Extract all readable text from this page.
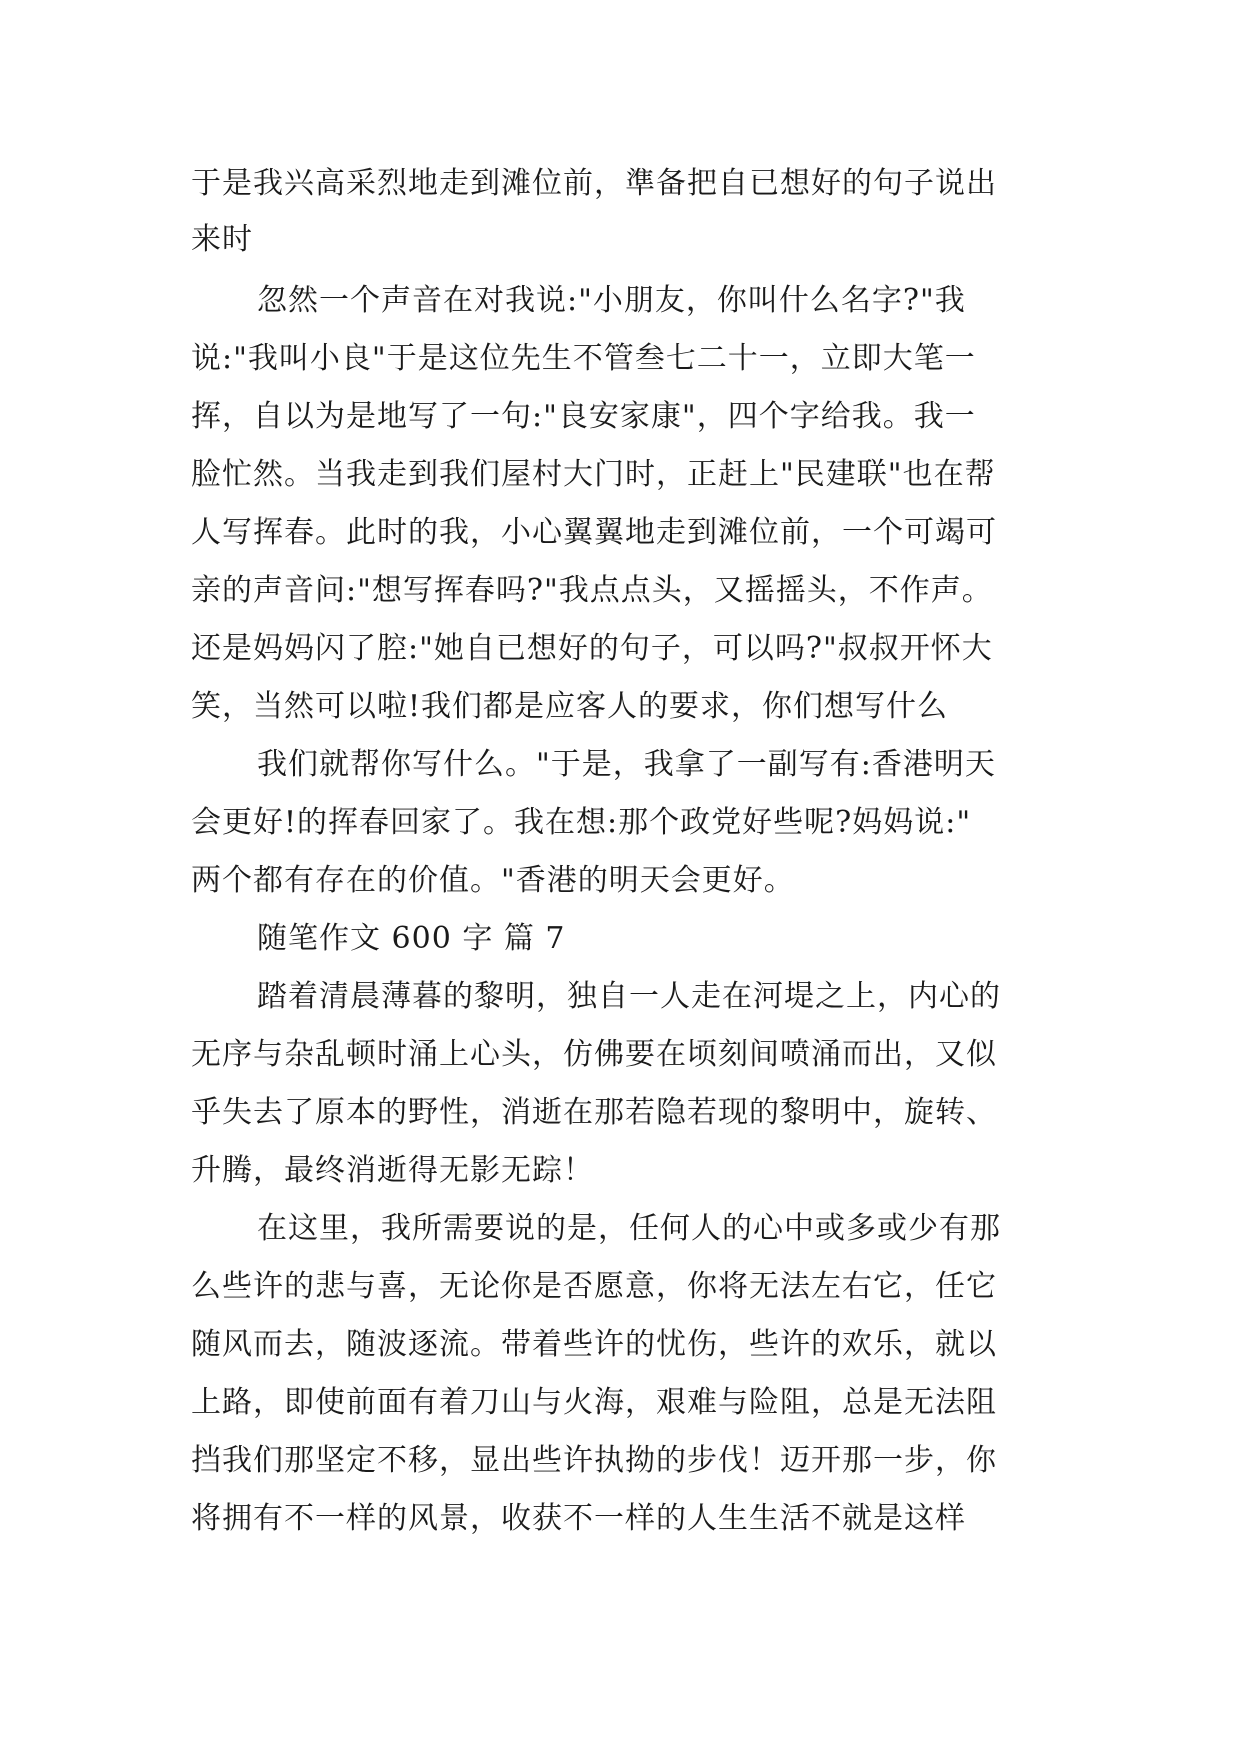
于是我兴高采烈地走到滩位前，準备把自已想好的句子说出
来时
忽然一个声音在对我说:"小朋友，你叫什么名字?"我
说:"我叫小良"于是这位先生不管叁七二十一，立即大笔一
挥，自以为是地写了一句:"良安家康"，四个字给我。我一
脸忙然。当我走到我们屋村大门时，正赶上"民建联"也在帮
人写挥春。此时的我，小心翼翼地走到滩位前，一个可竭可
亲的声音问:"想写挥春吗?"我点点头，又摇摇头，不作声。
还是妈妈闪了腔:"她自已想好的句子，可以吗?"叔叔开怀大
笑，当然可以啦!我们都是应客人的要求，你们想写什么
我们就帮你写什么。"于是，我拿了一副写有:香港明天
会更好!的挥春回家了。我在想:那个政党好些呢?妈妈说:"
两个都有存在的价值。"香港的明天会更好。
随笔作文 600 字 篇 7
踏着清晨薄暮的黎明，独自一人走在河堤之上，内心的
无序与杂乱顿时涌上心头，仿佛要在顷刻间喷涌而出，又似
乎失去了原本的野性，消逝在那若隐若现的黎明中，旋转、
升腾，最终消逝得无影无踪！
在这里，我所需要说的是，任何人的心中或多或少有那
么些许的悲与喜，无论你是否愿意，你将无法左右它，任它
随风而去，随波逐流。带着些许的忧伤，些许的欢乐，就以
上路，即使前面有着刀山与火海，艰难与险阻，总是无法阻
挡我们那坚定不移，显出些许执拗的步伐！迈开那一步，你
将拥有不一样的风景，收获不一样的人生生活不就是这样
